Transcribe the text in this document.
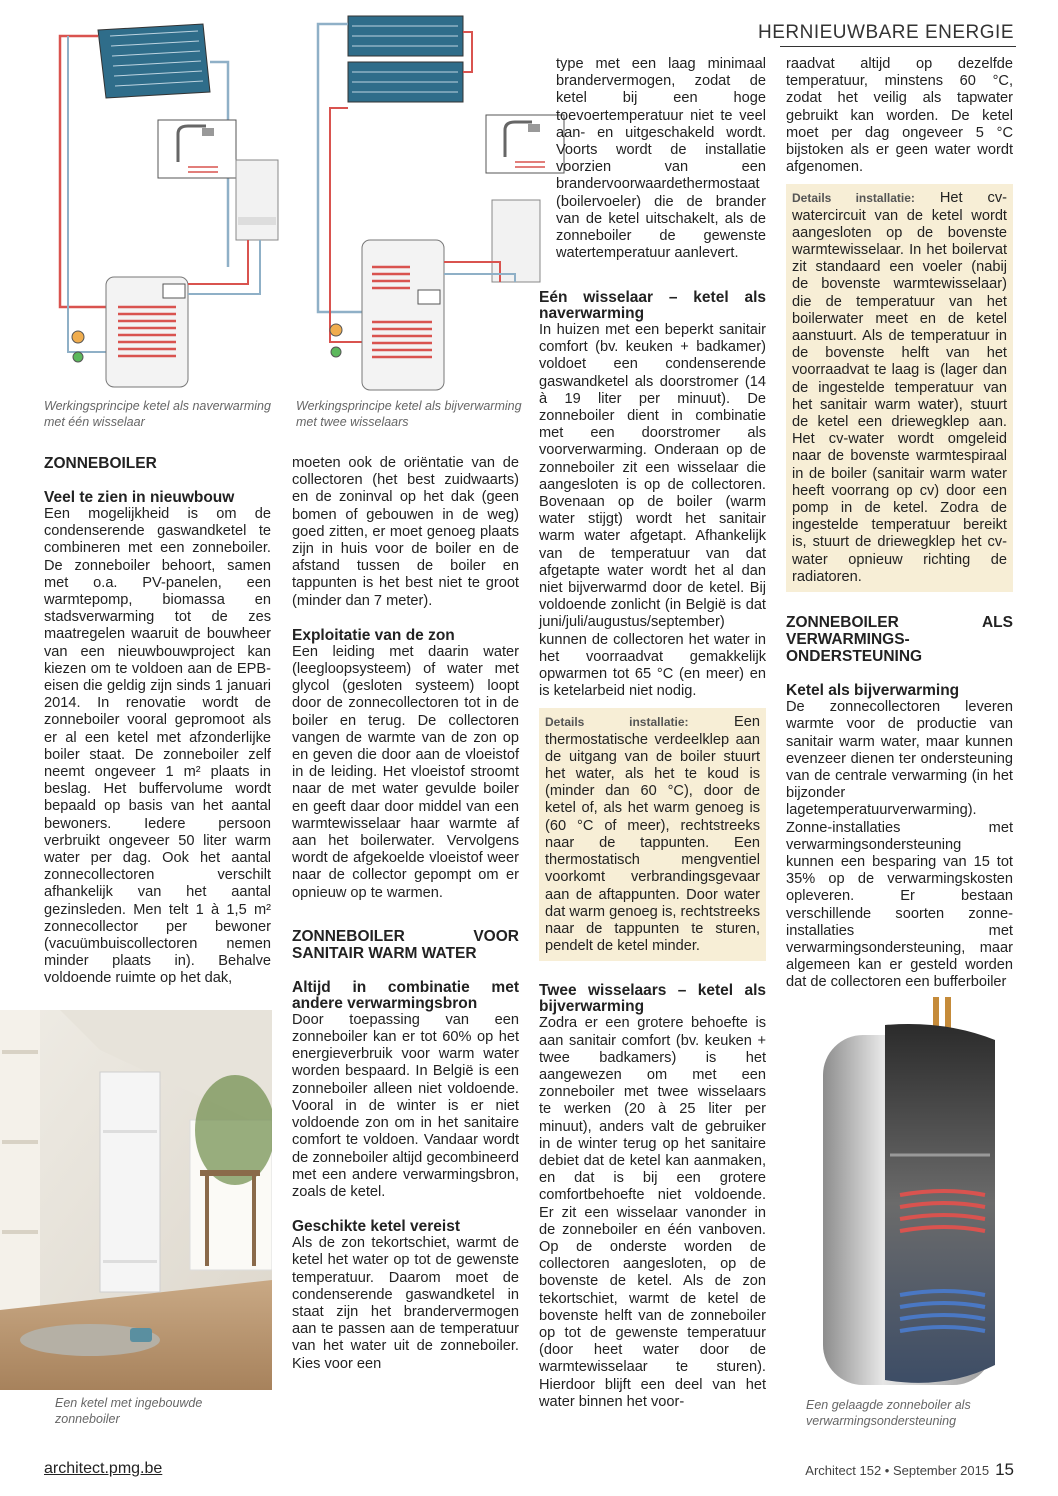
HERNIEUWBARE ENERGIE
Werkingsprincipe ketel als naverwarming met één wisselaar
Werkingsprincipe ketel als bijverwarming met twee wisselaars
ZONNEBOILER
Veel te zien in nieuwbouw

Een mogelijkheid is om de condenserende gaswandketel te combineren met een zonneboiler. De zonneboiler behoort, samen met o.a. PV-panelen, een warmtepomp, biomassa en stadsverwarming tot de zes maatregelen waaruit de bouwheer van een nieuwbouwproject kan kiezen om te voldoen aan de EPB-eisen die geldig zijn sinds 1 januari 2014. In renovatie wordt de zonneboiler vooral gepromoot als er al een ketel met afzonderlijke boiler staat. De zonneboiler zelf neemt ongeveer 1 m² plaats in beslag. Het buffervolume wordt bepaald op basis van het aantal bewoners. Iedere persoon verbruikt ongeveer 50 liter warm water per dag. Ook het aantal zonnecollectoren verschilt afhankelijk van het aantal gezinsleden. Men telt 1 à 1,5 m² zonnecollector per bewoner (vacuümbuiscollectoren nemen minder plaats in). Behalve voldoende ruimte op het dak,

Een ketel met ingebouwde zonneboiler

moeten ook de oriëntatie van de collectoren (het best zuidwaarts) en de zoninval op het dak (geen bomen of gebouwen in de weg) goed zitten, er moet genoeg plaats zijn in huis voor de boiler en de afstand tussen de boiler en tappunten is het best niet te groot (minder dan 7 meter).

Exploitatie van de zon

Een leiding met daarin water (leegloopsysteem) of water met glycol (gesloten systeem) loopt door de zonnecollectoren tot in de boiler en terug. De collectoren vangen de warmte van de zon op en geven die door aan de vloeistof in de leiding. Het vloeistof stroomt naar de met water gevulde boiler en geeft daar door middel van een warmtewisselaar haar warmte af aan het boilerwater. Vervolgens wordt de afgekoelde vloeistof weer naar de collector gepompt om er opnieuw op te warmen.

ZONNEBOILER VOOR SANITAIR WARM WATER
Altijd in combinatie met andere verwarmingsbron

Door toepassing van een zonneboiler kan er tot 60% op het energieverbruik voor warm water worden bespaard. In België is een zonneboiler alleen niet voldoende. Vooral in de winter is er niet voldoende zon om in het sanitaire comfort te voldoen. Vandaar wordt de zonneboiler altijd gecombineerd met een andere verwarmingsbron, zoals de ketel.

Geschikte ketel vereist

Als de zon tekortschiet, warmt de ketel het water op tot de gewenste temperatuur. Daarom moet de condenserende gaswandketel in staat zijn het brandervermogen aan te passen aan de temperatuur van het water uit de zonneboiler. Kies voor een

type met een laag minimaal brandervermogen, zodat de ketel bij een hoge toevoertemperatuur niet te veel aan- en uitgeschakeld wordt. Voorts wordt de installatie voorzien van een brandervoorwaardethermostaat (boilervoeler) die de brander van de ketel uitschakelt, als de zonneboiler de gewenste watertemperatuur aanlevert.

Eén wisselaar – ketel als naverwarming

In huizen met een beperkt sanitair comfort (bv. keuken + badkamer) voldoet een condenserende gaswandketel als doorstromer (14 à 19 liter per minuut). De zonneboiler dient in combinatie met een doorstromer als voorverwarming. Onderaan op de zonneboiler zit een wisselaar die aangesloten is op de collectoren. Bovenaan op de boiler (warm water stijgt) wordt het sanitair warm water afgetapt. Afhankelijk van de temperatuur van dat afgetapte water wordt het al dan niet bijverwarmd door de ketel. Bij voldoende zonlicht (in België is dat juni/juli/augustus/september) kunnen de collectoren het water in het voorraadvat gemakkelijk opwarmen tot 65 °C (en meer) en is ketelarbeid niet nodig.

Details installatie:	Een thermostatische verdeelklep aan de uitgang van de boiler stuurt het water, als het te koud is (minder dan 60 °C), door de ketel of, als het warm genoeg is (60 °C of meer), rechtstreeks naar de tappunten. Een thermostatisch mengventiel voorkomt verbrandingsgevaar aan de aftappunten. Door water dat warm genoeg is, rechtstreeks naar de tappunten te sturen, pendelt de ketel minder.
Twee wisselaars – ketel als bijverwarming

Zodra er een grotere behoefte is aan sanitair comfort (bv. keuken + twee badkamers) is het aangewezen om met een zonneboiler met twee wisselaars te werken (20 à 25 liter per minuut), anders valt de gebruiker in de winter terug op het sanitaire debiet dat de ketel kan aanmaken, en dat is bij een grotere comfortbehoefte niet voldoende. Er zit een wisselaar vanonder in de zonneboiler en één vanboven. Op de onderste worden de collectoren aangesloten, op de bovenste de ketel. Als de zon tekortschiet, warmt de ketel de bovenste helft van de zonneboiler op tot de gewenste temperatuur (door heet water door de warmtewisselaar te sturen). Hierdoor blijft een deel van het water binnen het voor-

raadvat altijd op dezelfde temperatuur, minstens 60 °C, zodat het veilig als tapwater gebruikt kan worden. De ketel moet per dag ongeveer 5 °C bijstoken als er geen water wordt afgenomen.

Details installatie: Het cv-watercircuit van de ketel wordt aangesloten op de bovenste warmtewisselaar. In het boilervat zit standaard een voeler (nabij de bovenste warmtewisselaar) die de temperatuur van het boilerwater meet en de ketel aanstuurt. Als de temperatuur in de bovenste helft van het voorraadvat te laag is (lager dan de ingestelde temperatuur van het sanitair warm water), stuurt de ketel een driewegklep aan. Het cv-water wordt omgeleid naar de bovenste warmtespiraal in de boiler (sanitair warm water heeft voorrang op cv) door een pomp in de ketel. Zodra de ingestelde temperatuur bereikt is, stuurt de driewegklep het cv-water opnieuw richting de radiatoren.
ZONNEBOILER ALS VERWARMINGS-ONDERSTEUNING
Ketel als bijverwarming

De zonnecollectoren leveren warmte voor de productie van sanitair warm water, maar kunnen evenzeer dienen ter ondersteuning van de centrale verwarming (in het bijzonder lagetemperatuurverwarming).

Zonne-installaties met verwarmingsondersteuning kunnen een besparing van 15 tot 35% op de verwarmingskosten opleveren. Er bestaan verschillende soorten zonne-installaties met verwarmingsondersteuning, maar algemeen kan er gesteld worden dat de collectoren een bufferboiler

Een gelaagde zonneboiler als verwarmingsondersteuning
architect.pmg.be	Architect 152 • September 2015 15
